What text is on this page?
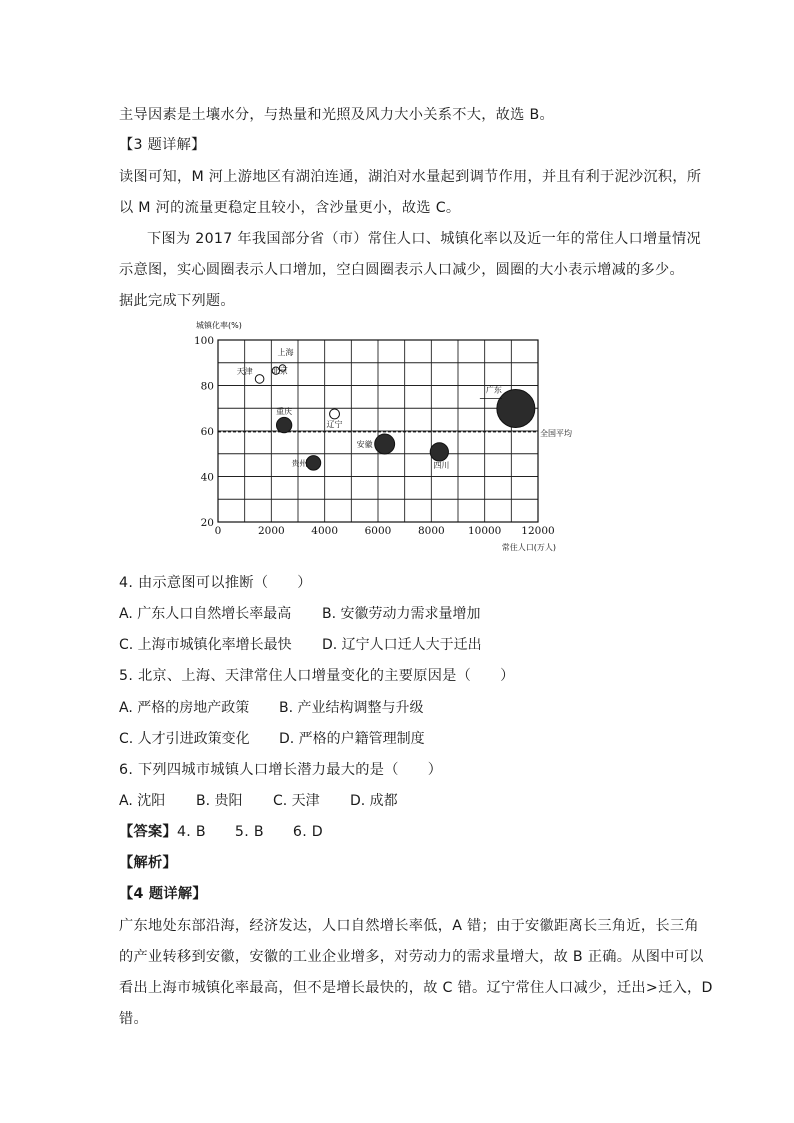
主导因素是土壤水分，与热量和光照及风力大小关系不大，故选 B。
【3 题详解】
读图可知，M 河上游地区有湖泊连通，湖泊对水量起到调节作用，并且有利于泥沙沉积，所
以 M 河的流量更稳定且较小，含沙量更小，故选 C。
下图为 2017 年我国部分省（市）常住人口、城镇化率以及近一年的常住人口增量情况
示意图，实心圆圈表示人口增加，空白圆圈表示人口减少，圆圈的大小表示增减的多少。
据此完成下列题。
全国平均
20
40
60
80
100
0	2000	4000	6000	8000 10000 12000
城镇化率(%)
常住人口(万人)
天津
上海
北京
重庆
辽宁
安徽
贵州	四川
广东
4. 由示意图可以推断（　　）
A. 广东人口自然增长率最高 B. 安徽劳动力需求量增加
C. 上海市城镇化率增长最快 D. 辽宁人口迁人大于迁出
5. 北京、上海、天津常住人口增量变化的主要原因是（　　）
A. 严格的房地产政策 B. 产业结构调整与升级
C. 人才引进政策变化 D. 严格的户籍管理制度
6. 下列四城市城镇人口增长潜力最大的是（　　）
A. 沈阳 B. 贵阳 C. 天津 D. 成都
【答案】4. B　　5. B　　6. D
【解析】
【4 题详解】
广东地处东部沿海，经济发达，人口自然增长率低，A 错；由于安徽距离长三角近，长三角
的产业转移到安徽，安徽的工业企业增多，对劳动力的需求量增大，故 B 正确。从图中可以
看出上海市城镇化率最高，但不是增长最快的，故 C 错。辽宁常住人口减少，迁出>迁入，D
错。
